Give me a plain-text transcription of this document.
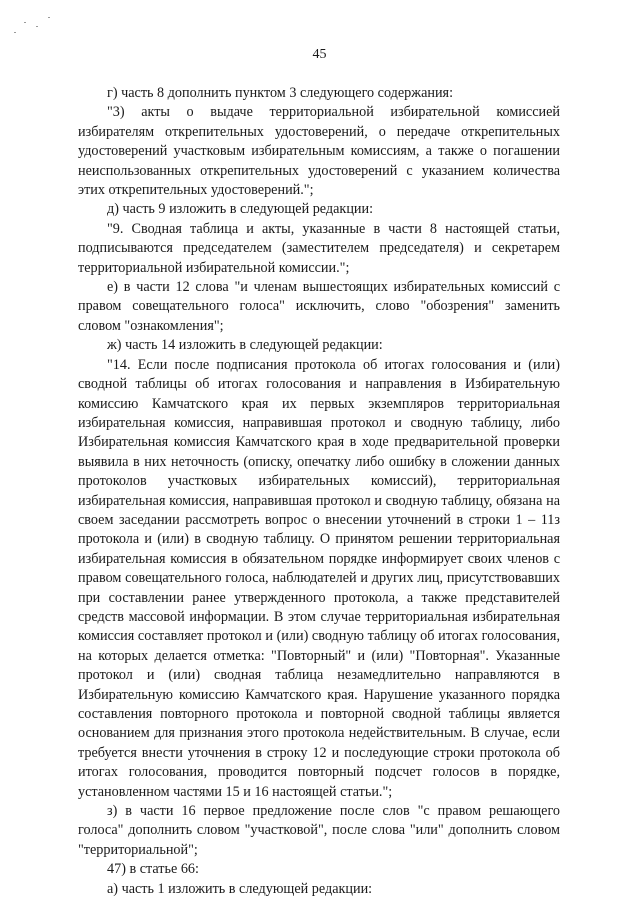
45

г) часть 8 дополнить пунктом 3 следующего содержания:

"3) акты о выдаче территориальной избирательной комиссией избирателям открепительных удостоверений, о передаче открепительных удостоверений участковым избирательным комиссиям, а также о погашении неиспользованных открепительных удостоверений с указанием количества этих открепительных удостоверений.";

д) часть 9 изложить в следующей редакции:

"9. Сводная таблица и акты, указанные в части 8 настоящей статьи, подписываются председателем (заместителем председателя) и секретарем территориальной избирательной комиссии.";

е) в части 12 слова "и членам вышестоящих избирательных комиссий с правом совещательного голоса" исключить, слово "обозрения" заменить словом "ознакомления";

ж) часть 14 изложить в следующей редакции:

"14. Если после подписания протокола об итогах голосования и (или) сводной таблицы об итогах голосования и направления в Избирательную комиссию Камчатского края их первых экземпляров территориальная избирательная комиссия, направившая протокол и сводную таблицу, либо Избирательная комиссия Камчатского края в ходе предварительной проверки выявила в них неточность (описку, опечатку либо ошибку в сложении данных протоколов участковых избирательных комиссий), территориальная избирательная комиссия, направившая протокол и сводную таблицу, обязана на своем заседании рассмотреть вопрос о внесении уточнений в строки 1 – 11з протокола и (или) в сводную таблицу. О принятом решении территориальная избирательная комиссия в обязательном порядке информирует своих членов с правом совещательного голоса, наблюдателей и других лиц, присутствовавших при составлении ранее утвержденного протокола, а также представителей средств массовой информации. В этом случае территориальная избирательная комиссия составляет протокол и (или) сводную таблицу об итогах голосования, на которых делается отметка: "Повторный" и (или) "Повторная". Указанные протокол и (или) сводная таблица незамедлительно направляются в Избирательную комиссию Камчатского края. Нарушение указанного порядка составления повторного протокола и повторной сводной таблицы является основанием для признания этого протокола недействительным. В случае, если требуется внести уточнения в строку 12 и последующие строки протокола об итогах голосования, проводится повторный подсчет голосов в порядке, установленном частями 15 и 16 настоящей статьи.";

з) в части 16 первое предложение после слов "с правом решающего голоса" дополнить словом "участковой", после слова "или" дополнить словом "территориальной";

47) в статье 66:

а) часть 1 изложить в следующей редакции:
